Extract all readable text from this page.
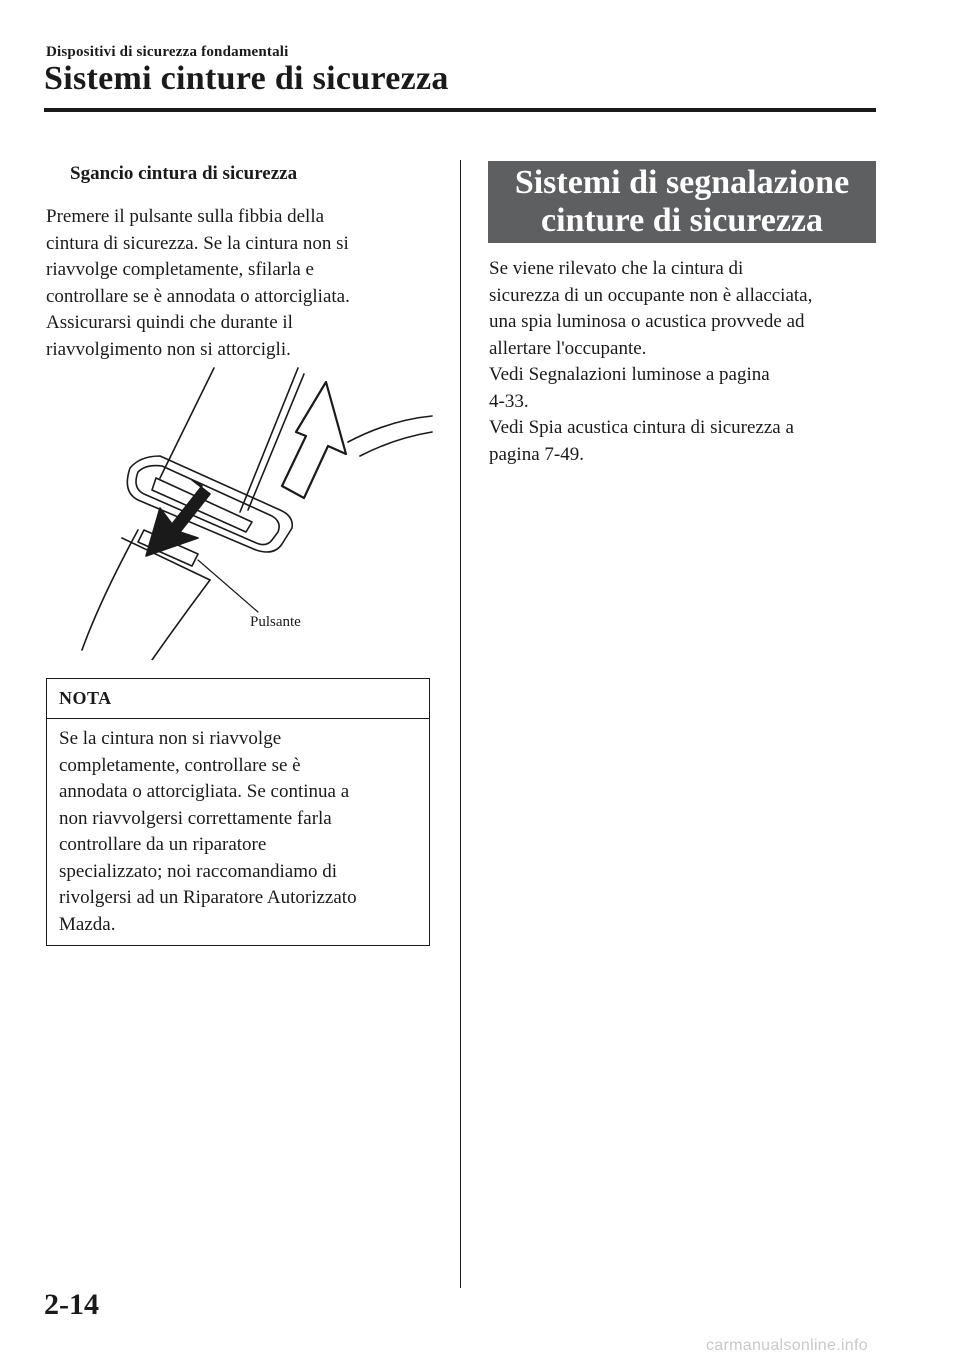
Dispositivi di sicurezza fondamentali
Sistemi cinture di sicurezza
Sgancio cintura di sicurezza
Premere il pulsante sulla fibbia della
cintura di sicurezza. Se la cintura non si
riavvolge completamente, sfilarla e
controllare se è annodata o attorcigliata.
Assicurarsi quindi che durante il
riavvolgimento non si attorcigli.
Pulsante
NOTA
Se la cintura non si riavvolge
completamente, controllare se è
annodata o attorcigliata. Se continua a
non riavvolgersi correttamente farla
controllare da un riparatore
specializzato; noi raccomandiamo di
rivolgersi ad un Riparatore Autorizzato
Mazda.
Sistemi di segnalazione
cinture di sicurezza
Se viene rilevato che la cintura di
sicurezza di un occupante non è allacciata,
una spia luminosa o acustica provvede ad
allertare l'occupante.
Vedi Segnalazioni luminose a pagina
4-33.
Vedi Spia acustica cintura di sicurezza a
pagina 7-49.
2-14
carmanualsonline.info
